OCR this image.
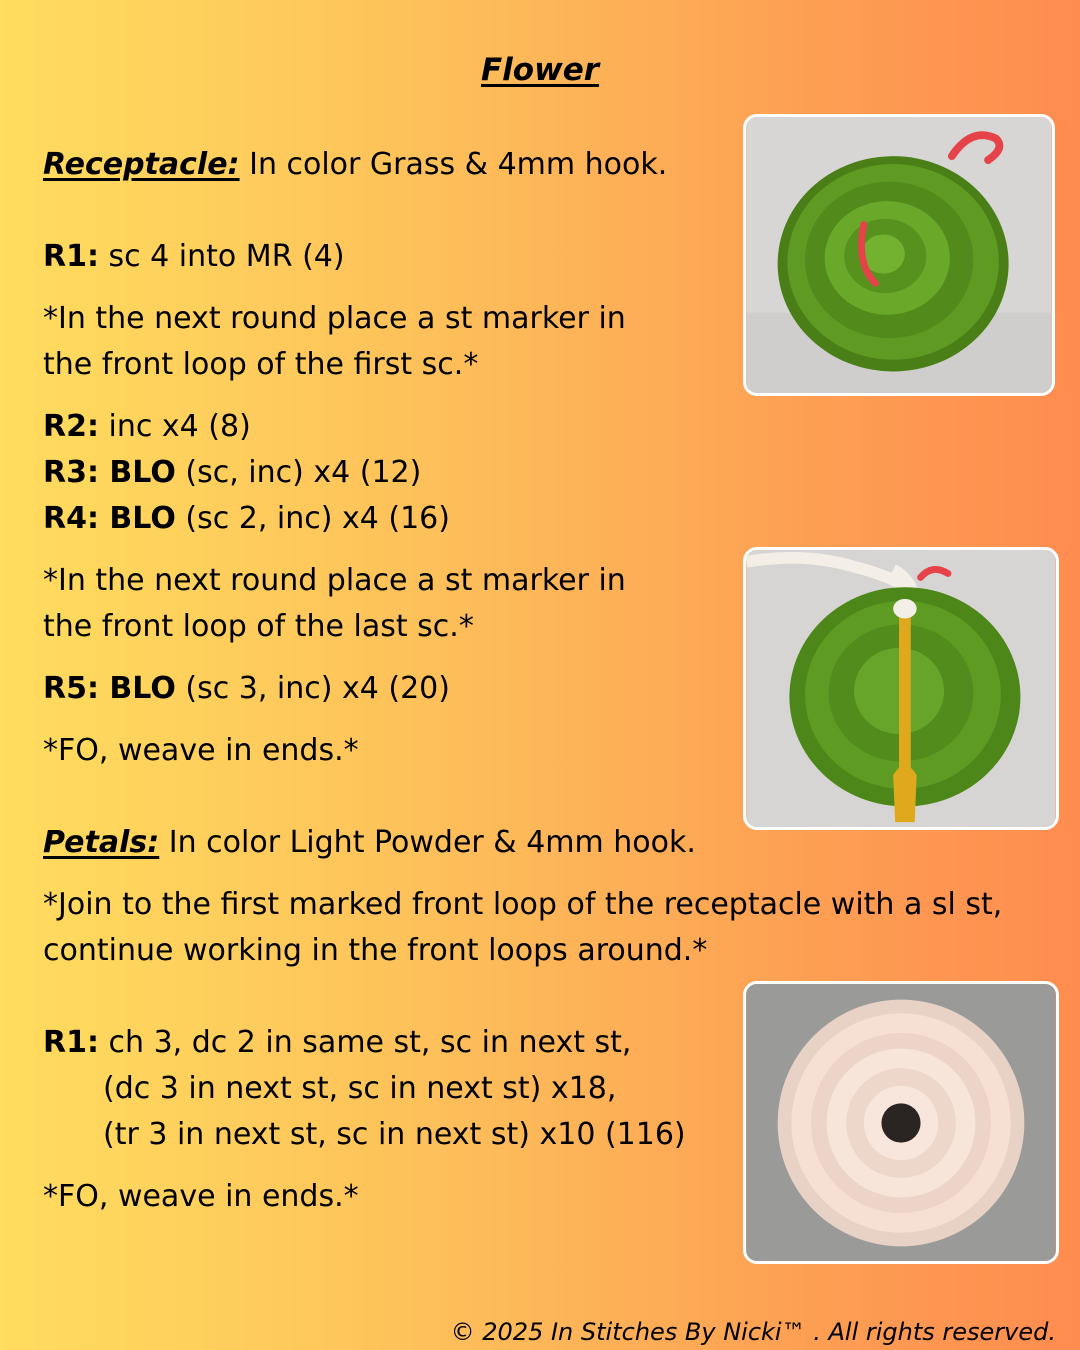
Flower
Receptacle: In color Grass & 4mm hook.
R1: sc 4 into MR (4)
*In the next round place a st marker in
the front loop of the first sc.*
R2: inc x4 (8)
R3: BLO (sc, inc) x4 (12)
R4: BLO (sc 2, inc) x4 (16)
*In the next round place a st marker in
the front loop of the last sc.*
R5: BLO (sc 3, inc) x4 (20)
*FO, weave in ends.*
Petals: In color Light Powder & 4mm hook.
*Join to the first marked front loop of the receptacle with a sl st,
continue working in the front loops around.*
R1: ch 3, dc 2 in same st, sc in next st,
(dc 3 in next st, sc in next st) x18,
(tr 3 in next st, sc in next st) x10 (116)
*FO, weave in ends.*
© 2025 In Stitches By Nicki™ . All rights reserved.
